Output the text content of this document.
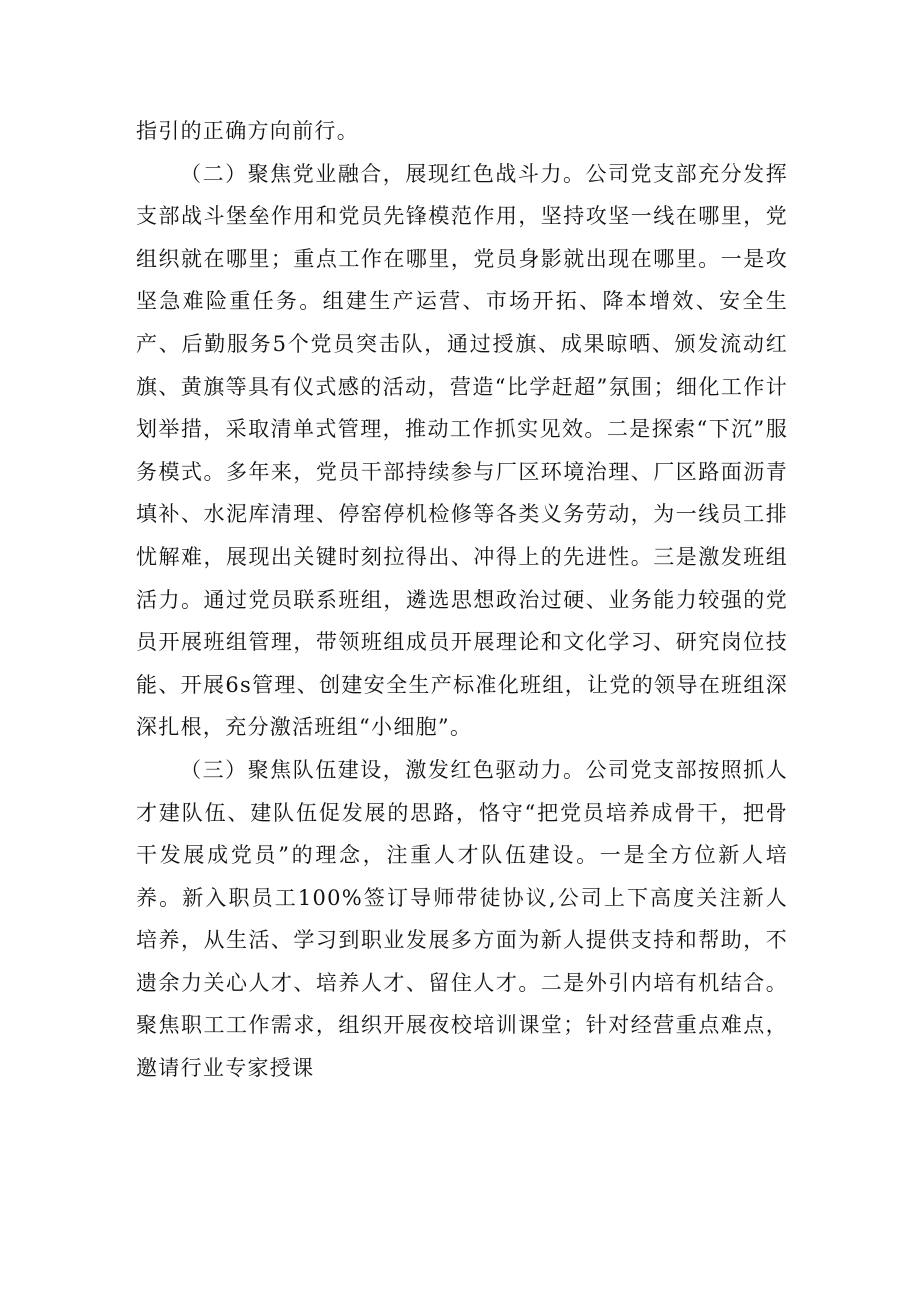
指引的正确方向前行。

（二）聚焦党业融合，展现红色战斗力。公司党支部充分发挥支部战斗堡垒作用和党员先锋模范作用，坚持攻坚一线在哪里，党组织就在哪里；重点工作在哪里，党员身影就出现在哪里。一是攻坚急难险重任务。组建生产运营、市场开拓、降本增效、安全生产、后勤服务5个党员突击队，通过授旗、成果晾晒、颁发流动红旗、黄旗等具有仪式感的活动，营造“比学赶超”氛围；细化工作计划举措，采取清单式管理，推动工作抓实见效。二是探索“下沉”服务模式。多年来，党员干部持续参与厂区环境治理、厂区路面沥青填补、水泥库清理、停窑停机检修等各类义务劳动，为一线员工排忧解难，展现出关键时刻拉得出、冲得上的先进性。三是激发班组活力。通过党员联系班组，遴选思想政治过硬、业务能力较强的党员开展班组管理，带领班组成员开展理论和文化学习、研究岗位技能、开展6s管理、创建安全生产标准化班组，让党的领导在班组深深扎根，充分激活班组“小细胞”。

（三）聚焦队伍建设，激发红色驱动力。公司党支部按照抓人才建队伍、建队伍促发展的思路，恪守“把党员培养成骨干，把骨干发展成党员”的理念，注重人才队伍建设。一是全方位新人培养。新入职员工100%签订导师带徒协议,公司上下高度关注新人培养，从生活、学习到职业发展多方面为新人提供支持和帮助，不遗余力关心人才、培养人才、留住人才。二是外引内培有机结合。聚焦职工工作需求，组织开展夜校培训课堂；针对经营重点难点，邀请行业专家授课
